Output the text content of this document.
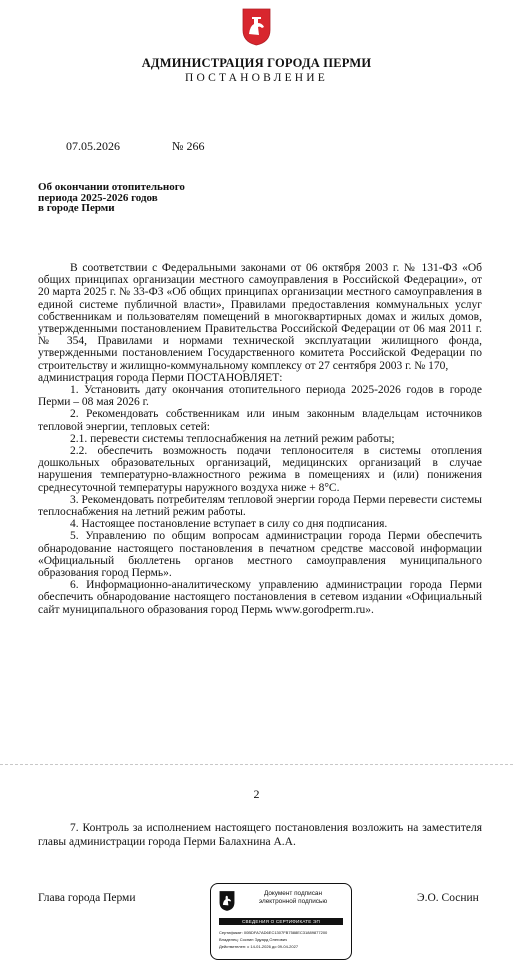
АДМИНИСТРАЦИЯ ГОРОДА ПЕРМИ
ПОСТАНОВЛЕНИЕ
07.05.2026	№ 266
Об окончании отопительного
периода 2025-2026 годов
в городе Перми

В соответствии с Федеральными законами от 06 октября 2003 г. № 131-ФЗ «Об общих принципах организации местного самоуправления в Российской Федерации», от 20 марта 2025 г. № 33-ФЗ «Об общих принципах организации местного самоуправления в единой системе публичной власти», Правилами предоставления коммунальных услуг собственникам и пользователям помещений в многоквартирных домах и жилых домов, утвержденными постановлением Правительства Российской Федерации от 06 мая 2011 г. № 354, Правилами и нормами технической эксплуатации жилищного фонда, утвержденными постановлением Государственного комитета Российской Федерации по строительству и жилищно-коммунальному комплексу от 27 сентября 2003 г. № 170,

администрация города Перми ПОСТАНОВЛЯЕТ:

1. Установить дату окончания отопительного периода 2025-2026 годов в городе Перми – 08 мая 2026 г.

2. Рекомендовать собственникам или иным законным владельцам источников тепловой энергии, тепловых сетей:

2.1. перевести системы теплоснабжения на летний режим работы;

2.2. обеспечить возможность подачи теплоносителя в системы отопления дошкольных образовательных организаций, медицинских организаций в случае нарушения температурно-влажностного режима в помещениях и (или) понижения среднесуточной температуры наружного воздуха ниже + 8°С.

3. Рекомендовать потребителям тепловой энергии города Перми перевести системы теплоснабжения на летний режим работы.

4. Настоящее постановление вступает в силу со дня подписания.

5. Управлению по общим вопросам администрации города Перми обеспечить обнародование настоящего постановления в печатном средстве массовой информации «Официальный бюллетень органов местного самоуправления муниципального образования город Пермь».

6. Информационно-аналитическому управлению администрации города Перми обеспечить обнародование настоящего постановления в сетевом издании «Официальный сайт муниципального образования город Пермь www.gorodperm.ru».

2

7. Контроль за исполнением настоящего постановления возложить на заместителя главы администрации города Перми Балахнина А.А.

Глава города Перми	Э.О. Соснин
Документ подписан
электронной подписью
СВЕДЕНИЯ О СЕРТИФИКАТЕ ЭП
Сертификат: 00BDFA7AD6EC1307FB7588EC31889877200
Владелец: Соснин Эдуард Олегович
Действителен: с 14-01-2026 до 09-04-2027
